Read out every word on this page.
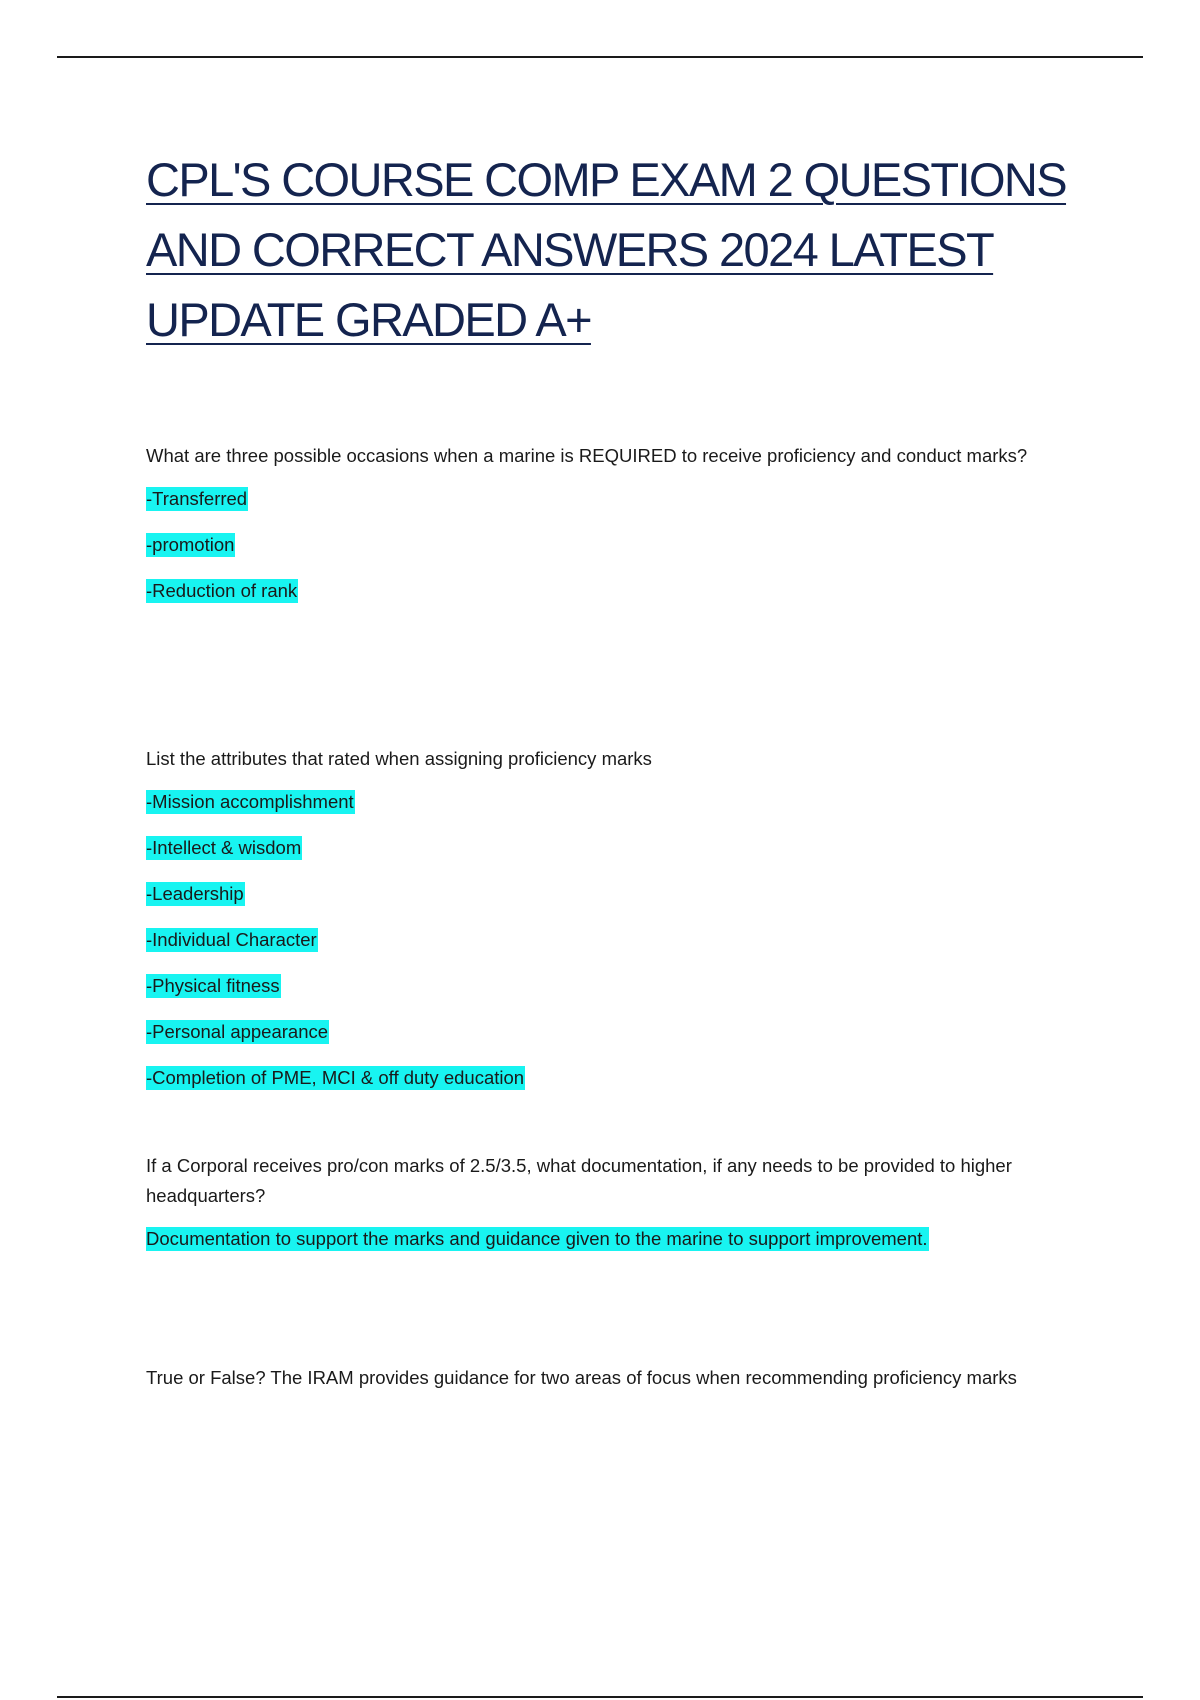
CPL'S COURSE COMP EXAM 2 QUESTIONS AND CORRECT ANSWERS 2024 LATEST UPDATE GRADED A+

What are three possible occasions when a marine is REQUIRED to receive proficiency and conduct marks?

-Transferred
-promotion
-Reduction of rank

List the attributes that rated when assigning proficiency marks

-Mission accomplishment
-Intellect & wisdom
-Leadership
-Individual Character
-Physical fitness
-Personal appearance
-Completion of PME, MCI & off duty education

If a Corporal receives pro/con marks of 2.5/3.5, what documentation, if any needs to be provided to higher headquarters?

Documentation to support the marks and guidance given to the marine to support improvement.

True or False? The IRAM provides guidance for two areas of focus when recommending proficiency marks
